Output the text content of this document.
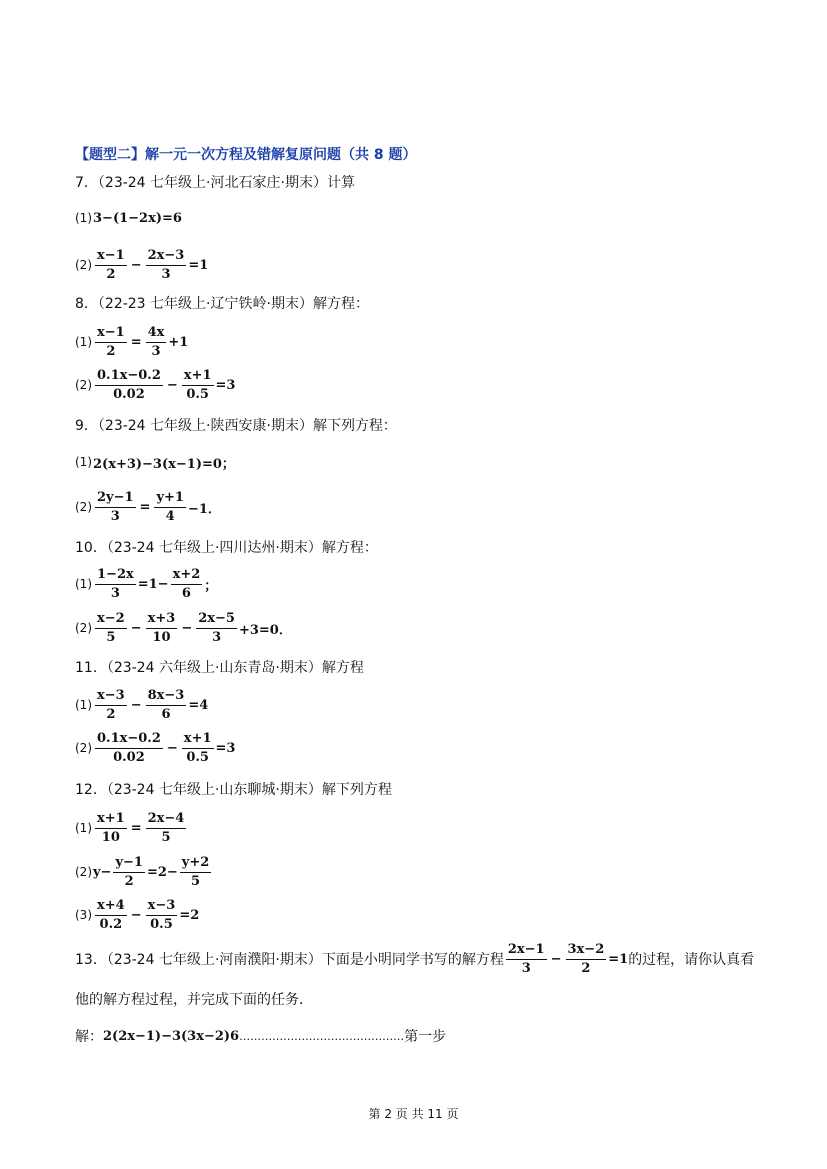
【题型二】解一元一次方程及错解复原问题（共 8 题）
7．（23-24 七年级上·河北石家庄·期末）计算
(1) 3− (1−2x) =6
$(2) \frac{x-1}{2} - \frac{2x-3}{3} =1$
8．（22-23 七年级上·辽宁铁岭·期末）解方程：
$(1) \frac{x-1}{2} = \frac{4x}{3} +1$
$(2) \frac{0.1x-0.2}{0.02} - \frac{x+1}{0.5} =3$
9．（23-24 七年级上·陕西安康·期末）解下列方程：
(1) 2(x+3)−3(x−1)=0；
$(2) \frac{2y-1}{3} = \frac{y+1}{4} -1$．
10．（23-24 七年级上·四川达州·期末）解方程：
$(1) \frac{1-2x}{3} =1- \frac{x+2}{6}$ ；
$(2) \frac{x-2}{5} - \frac{x+3}{10} - \frac{2x-5}{3} +3=0$．
11．（23-24 六年级上·山东青岛·期末）解方程
$(1) \frac{x-3}{2} - \frac{8x-3}{6} =4$
$(2) \frac{0.1x-0.2}{0.02} - \frac{x+1}{0.5} =3$
12．（23-24 七年级上·山东聊城·期末）解下列方程
$(1) \frac{x+1}{10} = \frac{2x-4}{5}$
(2) $y- \frac{y-1}{2} =2- \frac{y+2}{5}$
$(3) \frac{x+4}{0.2} - \frac{x-3}{0.5} =2$
13．（23-24 七年级上·河南濮阳·期末）下面是小明同学书写的解方程 $\frac{2x-1}{3} - \frac{3x-2}{2} =1$ 的过程，请你认真看
他的解方程过程，并完成下面的任务．
解： 2(2x−1)−3(3x−2)6 ……………………………………… 第一步
第 2 页 共 11 页
